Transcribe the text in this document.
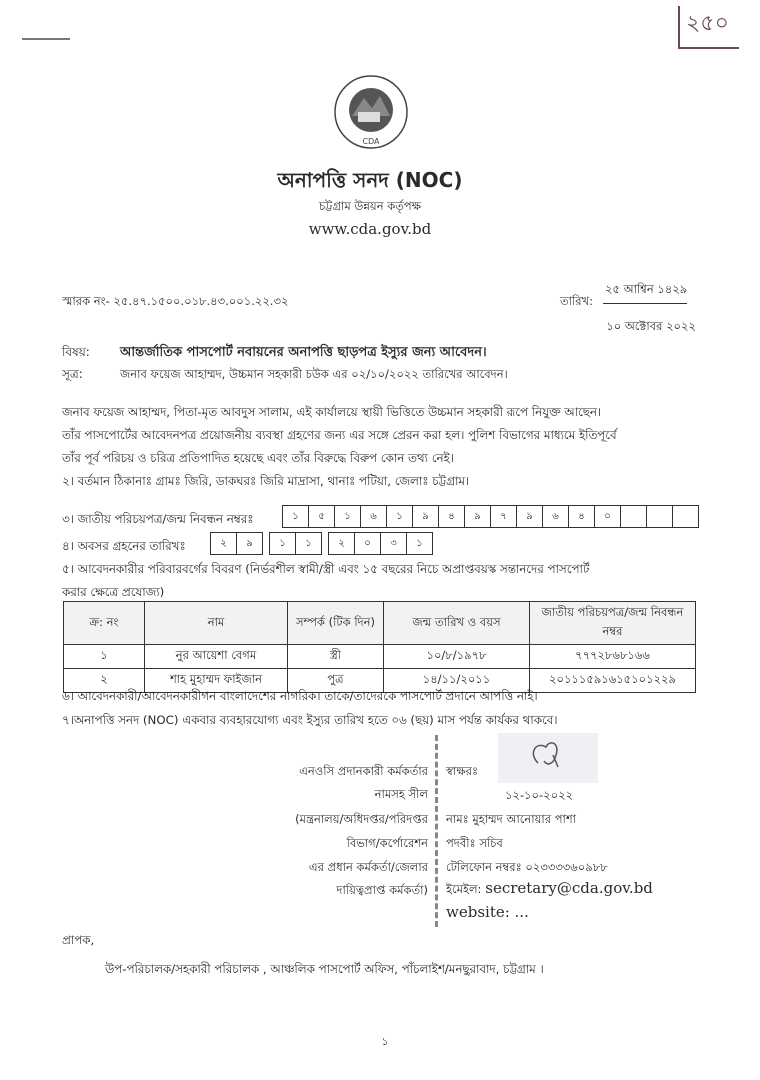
২৫০
CDA
অনাপত্তি সনদ (NOC)
চট্টগ্রাম উন্নয়ন কর্তৃপক্ষ
www.cda.gov.bd
স্মারক নং- ২৫.৪৭.১৫০০.০১৮.৪৩.০০১.২২.৩২	তারিখ:
২৫ আশ্বিন ১৪২৯
১০ অক্টোবর ২০২২
বিষয়: আন্তর্জাতিক পাসপোর্ট নবায়নের অনাপত্তি ছাড়পত্র ইস্যুর জন্য আবেদন।
সূত্র:	জনাব ফয়েজ আহাম্মদ, উচ্চমান সহকারী চউক এর ০২/১০/২০২২ তারিখের আবেদন।
জনাব ফয়েজ আহাম্মদ, পিতা-মৃত আবদুস সালাম, এই কার্যালয়ে স্থায়ী ভিত্তিতে উচ্চমান সহকারী রূপে নিযুক্ত আছেন।
তাঁর পাসপোর্টের আবেদনপত্র প্রয়োজনীয় ব্যবস্থা গ্রহণের জন্য এর সঙ্গে প্রেরন করা হল। পুলিশ বিভাগের মাধ্যমে ইতিপূর্বে
তাঁর পূর্ব পরিচয় ও চরিত্র প্রতিপাদিত হয়েছে এবং তাঁর বিরুদ্ধে বিরুপ কোন তথ্য নেই।
২। বর্তমান ঠিকানাঃ গ্রামঃ জিরি, ডাকঘরঃ জিরি মাদ্রাসা, থানাঃ পটিয়া, জেলাঃ চট্টগ্রাম।
৩। জাতীয় পরিচয়পত্র/জন্ম নিবন্ধন নম্বরঃ	১ ৫ ১ ৬ ১ ৯ ৪ ৯ ৭ ৯ ৬ ৪ ০
৪। অবসর গ্রহনের তারিখঃ	২ ৯	১ ১	২ ০ ৩ ১
৫। আবেদনকারীর পরিবারবর্গের বিবরণ (নির্ভরশীল স্বামী/স্ত্রী এবং ১৫ বছরের নিচে অপ্রাপ্তবয়স্ক সন্তানদের পাসপোর্ট
করার ক্ষেত্রে প্রযোজ্য)
ক্র: নং	নাম	সম্পর্ক (টিক দিন)	জন্ম তারিখ ও বয়স	জাতীয় পরিচয়পত্র/জন্ম নিবন্ধন নম্বর
১	নুর আয়েশা বেগম	স্ত্রী	১০/৮/১৯৭৮	৭৭৭২৮৬৮১৬৬
২	শাহ মুহাম্মদ ফাইজান	পুত্র	১৪/১১/২০১১	২০১১১৫৯১৬১৫১০১২২৯
৬। আবেদনকারী/আবেদনকারীগন বাংলাদেশের নাগরিক। তাকে/তাদেরকে পাসপোর্ট প্রদানে আপত্তি নাই।
৭।অনাপত্তি সনদ (NOC) একবার ব্যবহারযোগ্য এবং ইস্যুর তারিখ হতে ০৬ (ছয়) মাস পর্যন্ত কার্যকর থাকবে।
এনওসি প্রদানকারী কর্মকর্তার
নামসহ সীল
(মন্ত্রনালয়/অধিদপ্তর/পরিদপ্তর
বিভাগ/কর্পোরেশন
এর প্রধান কর্মকর্তা/জেলার
দায়িত্বপ্রাপ্ত কর্মকর্তা)
স্বাক্ষরঃ
১২-১০-২০২২
নামঃ মুহাম্মদ আনোয়ার পাশা
পদবীঃ সচিব
টেলিফোন নম্বরঃ ০২৩৩৩৩৬০৯৮৮
ইমেইল: secretary@cda.gov.bd
website: ...
প্রাপক,
উপ-পরিচালক/সহকারী পরিচালক , আঞ্চলিক পাসপোর্ট অফিস, পাঁচলাইশ/মনছুরাবাদ, চট্টগ্রাম ।
১
